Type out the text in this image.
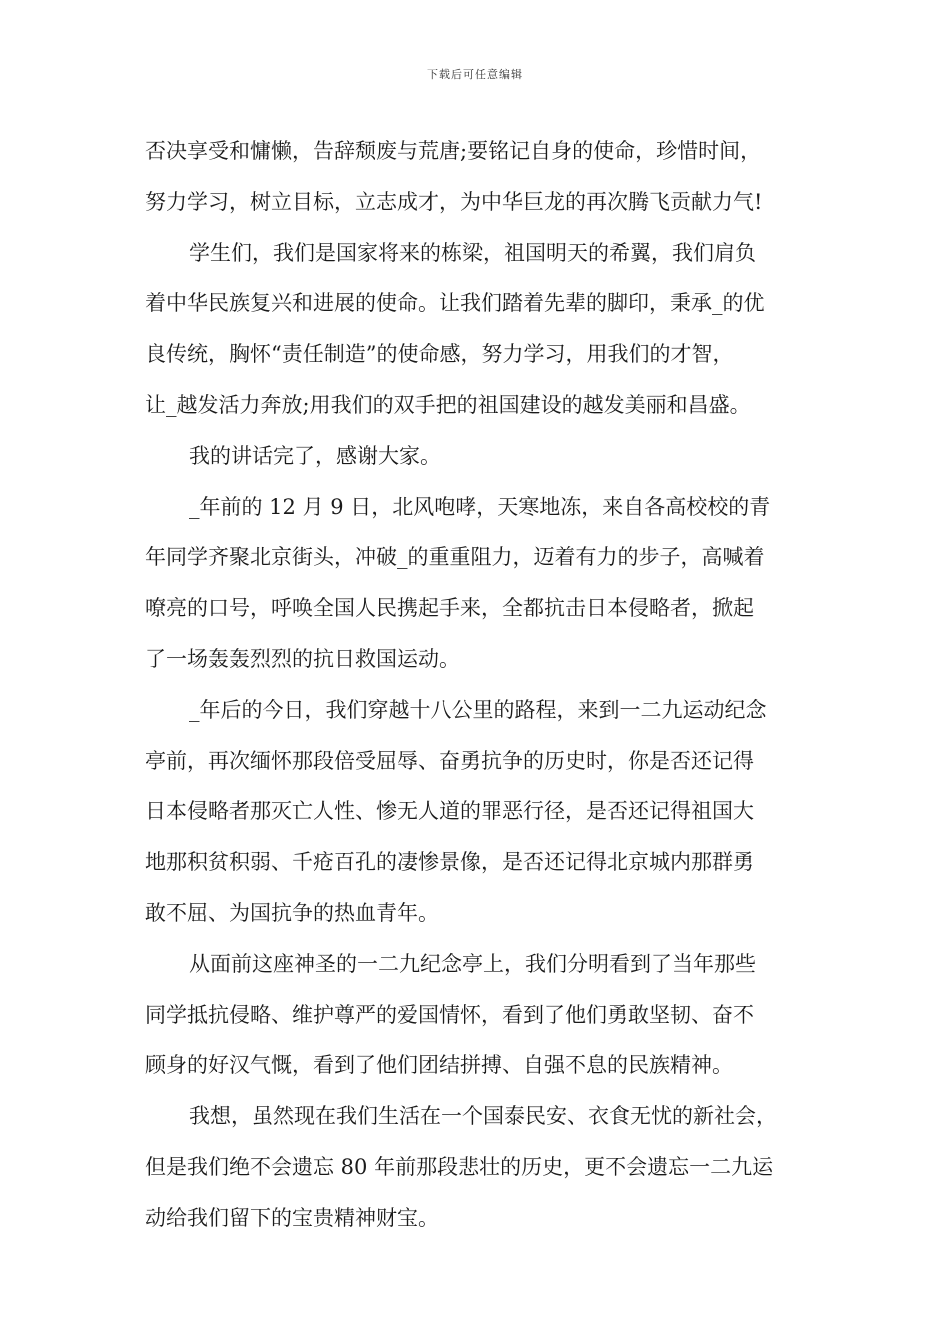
下载后可任意编辑
否决享受和慵懒，告辞颓废与荒唐;要铭记自身的使命，珍惜时间，
努力学习，树立目标，立志成才，为中华巨龙的再次腾飞贡献力气!
学生们，我们是国家将来的栋梁，祖国明天的希翼，我们肩负
着中华民族复兴和进展的使命。让我们踏着先辈的脚印，秉承_的优
良传统，胸怀“责任制造”的使命感，努力学习，用我们的才智，
让_越发活力奔放;用我们的双手把的祖国建设的越发美丽和昌盛。
我的讲话完了，感谢大家。
_年前的 12 月 9 日，北风咆哮，天寒地冻，来自各高校校的青
年同学齐聚北京街头，冲破_的重重阻力，迈着有力的步子，高喊着
嘹亮的口号，呼唤全国人民携起手来，全都抗击日本侵略者，掀起
了一场轰轰烈烈的抗日救国运动。
_年后的今日，我们穿越十八公里的路程，来到一二九运动纪念
亭前，再次缅怀那段倍受屈辱、奋勇抗争的历史时，你是否还记得
日本侵略者那灭亡人性、惨无人道的罪恶行径，是否还记得祖国大
地那积贫积弱、千疮百孔的凄惨景像，是否还记得北京城内那群勇
敢不屈、为国抗争的热血青年。
从面前这座神圣的一二九纪念亭上，我们分明看到了当年那些
同学抵抗侵略、维护尊严的爱国情怀，看到了他们勇敢坚韧、奋不
顾身的好汉气慨，看到了他们团结拼搏、自强不息的民族精神。
我想，虽然现在我们生活在一个国泰民安、衣食无忧的新社会，
但是我们绝不会遗忘 80 年前那段悲壮的历史，更不会遗忘一二九运
动给我们留下的宝贵精神财宝。
